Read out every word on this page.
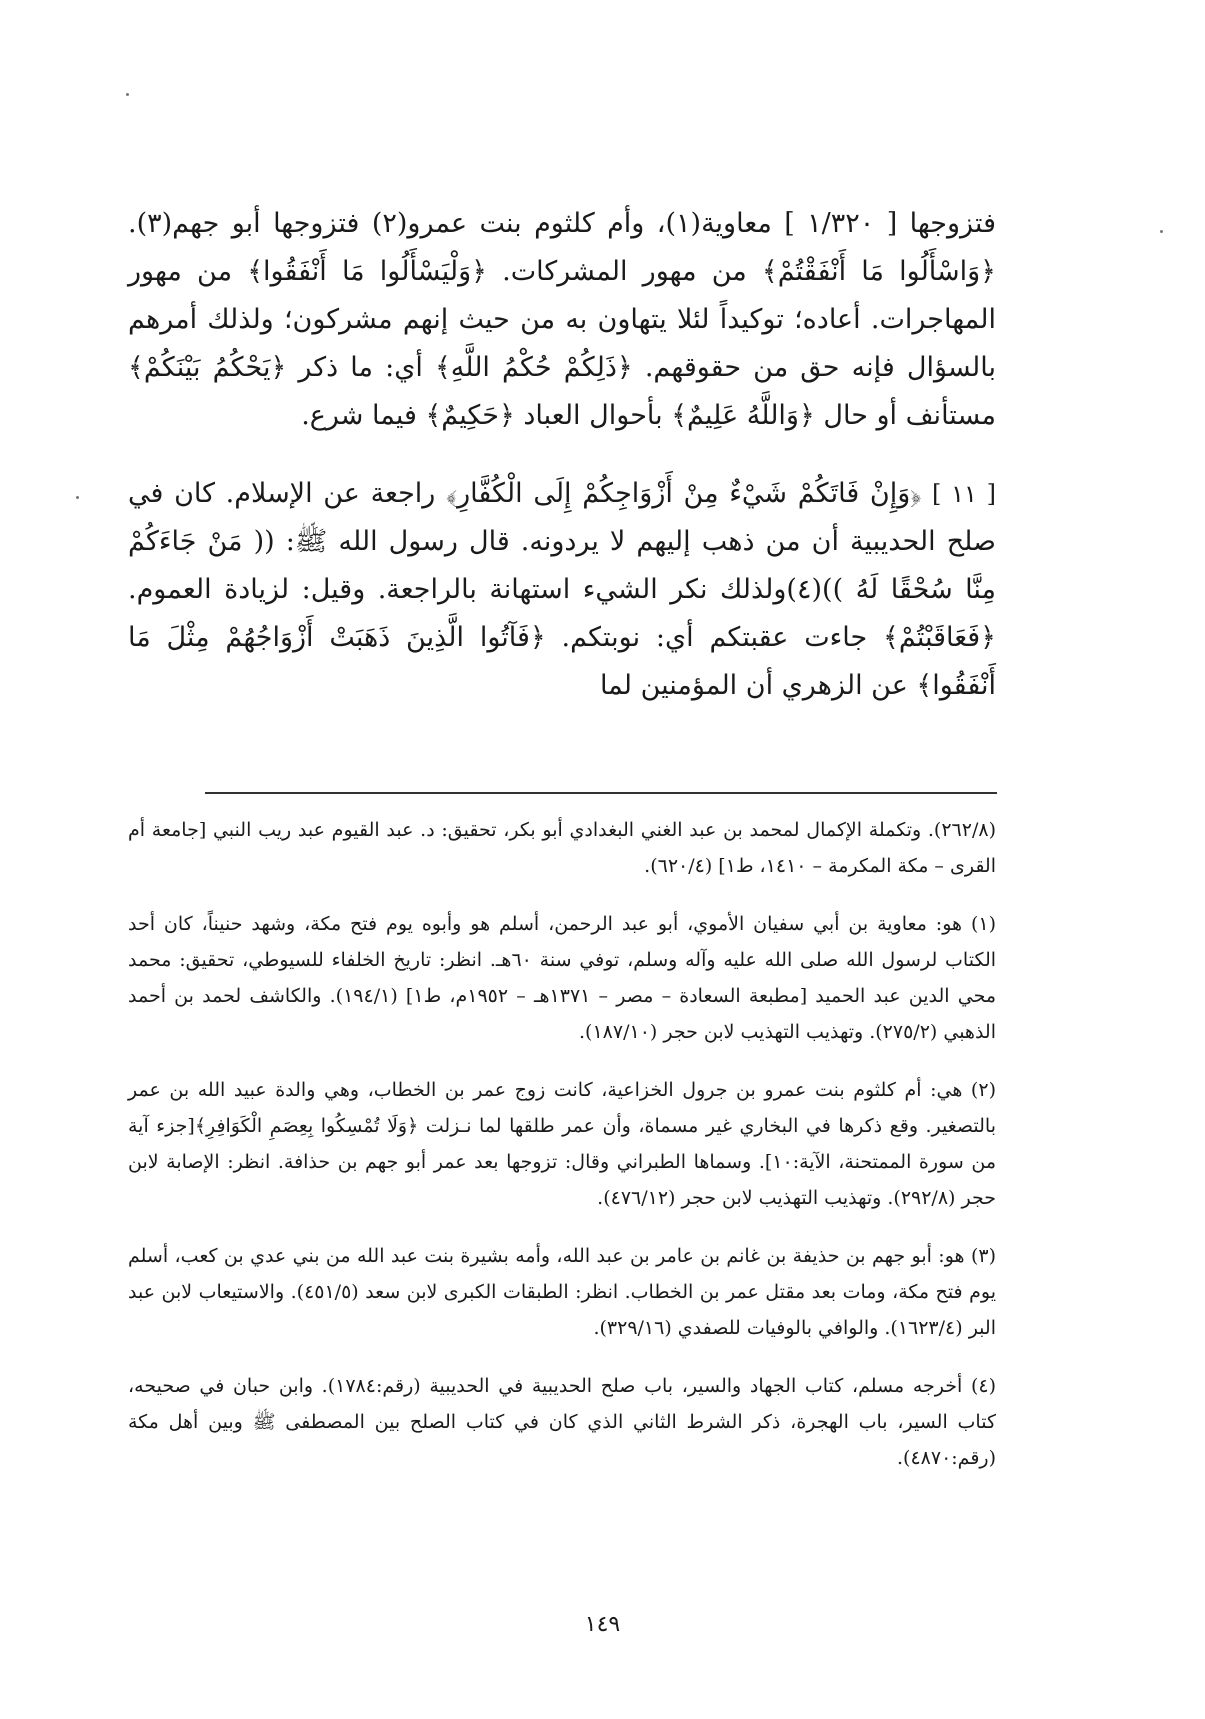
فتزوجها [ ١/٣٢٠ ] معاوية(١)، وأم كلثوم بنت عمرو(٢) فتزوجها أبو جهم(٣). ﴿وَاسْأَلُوا مَا أَنْفَقْتُمْ﴾ من مهور المشركات. ﴿وَلْيَسْأَلُوا مَا أَنْفَقُوا﴾ من مهور المهاجرات. أعاده؛ توكيداً لئلا يتهاون به من حيث إنهم مشركون؛ ولذلك أمرهم بالسؤال فإنه حق من حقوقهم. ﴿ذَلِكُمْ حُكْمُ اللَّهِ﴾ أي: ما ذكر ﴿يَحْكُمُ بَيْنَكُمْ﴾ مستأنف أو حال ﴿وَاللَّهُ عَلِيمٌ﴾ بأحوال العباد ﴿حَكِيمٌ﴾ فيما شرع.

[ ١١ ] ﴿وَإِنْ فَاتَكُمْ شَيْءٌ مِنْ أَزْوَاجِكُمْ إِلَى الْكُفَّارِ﴾ راجعة عن الإسلام. كان في صلح الحديبية أن من ذهب إليهم لا يردونه. قال رسول الله ﷺ: (( مَنْ جَاءَكُمْ مِنَّا سُحْقًا لَهُ ))(٤)ولذلك نكر الشيء استهانة بالراجعة. وقيل: لزيادة العموم. ﴿فَعَاقَبْتُمْ﴾ جاءت عقبتكم أي: نوبتكم. ﴿فَآتُوا الَّذِينَ ذَهَبَتْ أَزْوَاجُهُمْ مِثْلَ مَا أَنْفَقُوا﴾ عن الزهري أن المؤمنين لما

(٢٦٢/٨). وتكملة الإكمال لمحمد بن عبد الغني البغدادي أبو بكر، تحقيق: د. عبد القيوم عبد ريب النبي [جامعة أم القرى – مكة المكرمة – ١٤١٠، ط١] (٦٢٠/٤).

(١) هو: معاوية بن أبي سفيان الأموي، أبو عبد الرحمن، أسلم هو وأبوه يوم فتح مكة، وشهد حنيناً، كان أحد الكتاب لرسول الله صلى الله عليه وآله وسلم، توفي سنة ٦٠هـ. انظر: تاريخ الخلفاء للسيوطي، تحقيق: محمد محي الدين عبد الحميد [مطبعة السعادة – مصر – ١٣٧١هـ – ١٩٥٢م، ط١] (١٩٤/١). والكاشف لحمد بن أحمد الذهبي (٢٧٥/٢). وتهذيب التهذيب لابن حجر (١٨٧/١٠).

(٢) هي: أم كلثوم بنت عمرو بن جرول الخزاعية، كانت زوج عمر بن الخطاب، وهي والدة عبيد الله بن عمر بالتصغير. وقع ذكرها في البخاري غير مسماة، وأن عمر طلقها لما نـزلت ﴿وَلَا تُمْسِكُوا بِعِصَمِ الْكَوَافِرِ﴾[جزء آية من سورة الممتحنة، الآية:١٠]. وسماها الطبراني وقال: تزوجها بعد عمر أبو جهم بن حذافة. انظر: الإصابة لابن حجر (٢٩٢/٨). وتهذيب التهذيب لابن حجر (٤٧٦/١٢).

(٣) هو: أبو جهم بن حذيفة بن غانم بن عامر بن عبد الله، وأمه بشيرة بنت عبد الله من بني عدي بن كعب، أسلم يوم فتح مكة، ومات بعد مقتل عمر بن الخطاب. انظر: الطبقات الكبرى لابن سعد (٤٥١/٥). والاستيعاب لابن عبد البر (١٦٢٣/٤). والوافي بالوفيات للصفدي (٣٢٩/١٦).

(٤) أخرجه مسلم، كتاب الجهاد والسير، باب صلح الحديبية في الحديبية (رقم:١٧٨٤). وابن حبان في صحيحه، كتاب السير، باب الهجرة، ذكر الشرط الثاني الذي كان في كتاب الصلح بين المصطفى ﷺ وبين أهل مكة (رقم:٤٨٧٠).

١٤٩
